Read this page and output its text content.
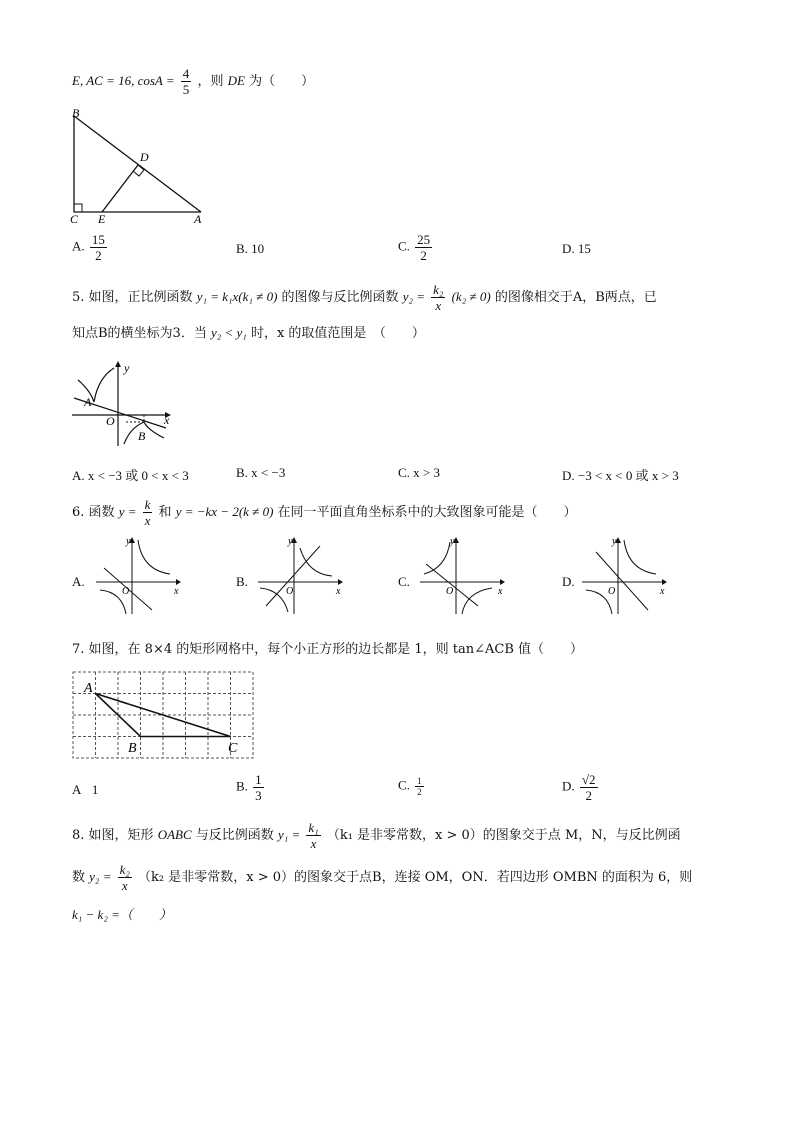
E, AC = 16, $\cos A = \frac{4}{5}$ ，则 DE 为（　　）
B
D
C E	A
A. $\frac{15}{2}$	B. 10	C. $\frac{25}{2}$	D. 15
5. 如图，正比例函数 y₁ = k₁x(k₁ ≠ 0) 的图像与反比例函数 $y_2 = \frac{\text{k₂}}{x} (k_2 \ne 0)$ 的图像相交于A，B两点，已
知点B的横坐标为3．当 y₂ < y₁ 时，x 的取值范围是　（　　）
y
x
O
A
B
A. x < −3 或 0 < x < 3	B. x < −3	C. x > 3	D. −3 < x < 0 或 x > 3
6. 函数 $y = \frac{k}{x}$ 和 y = −kx − 2(k ≠ 0) 在同一平面直角坐标系中的大致图象可能是（　　）
A.
y
x
O
B.
y
x
O
C.
y
x
O
D.
y
x
O
7. 如图，在 8×4 的矩形网格中，每个小正方形的边长都是 1，则 tan∠ACB 值（　　）
A
B	C
A 1	B. $\frac{1}{3}$	C. $\frac{1}{2}$	D. $\frac{√2}{2}$
8. 如图，矩形 OABC 与反比例函数 $y_1 = \frac{\text{k₁}}{x} (k_1$ 是非零常数，x > 0）的图象交于点 M，N，与反比例函
数 $y_2 = \frac{\text{k₂}}{x} (k_2$ 是非零常数，x > 0）的图象交于点B，连接 OM，ON．若四边形 OMBN 的面积为 6，则
k₁ − k₂ =（　　）
